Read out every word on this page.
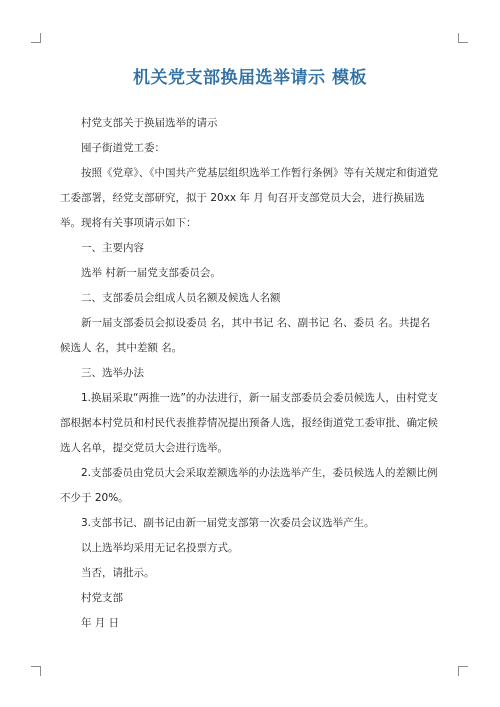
机关党支部换届选举请示 模板

村党支部关于换届选举的请示

囤子街道党工委：

按照《党章》、《中国共产党基层组织选举工作暂行条例》等有关规定和街道党工委部署，经党支部研究，拟于 20xx 年 月 旬召开支部党员大会，进行换届选举。现将有关事项请示如下：

一、主要内容

选举 村新一届党支部委员会。

二、支部委员会组成人员名额及候选人名额

新一届支部委员会拟设委员 名，其中书记 名、副书记 名、委员 名。共提名候选人 名，其中差额 名。

三、选举办法

1.换届采取“两推一选”的办法进行，新一届支部委员会委员候选人，由村党支部根据本村党员和村民代表推荐情况提出预备人选，报经街道党工委审批、确定候选人名单，提交党员大会进行选举。

2.支部委员由党员大会采取差额选举的办法选举产生，委员候选人的差额比例不少于 20%。

3.支部书记、副书记由新一届党支部第一次委员会议选举产生。

以上选举均采用无记名投票方式。

当否，请批示。

村党支部

年 月 日
